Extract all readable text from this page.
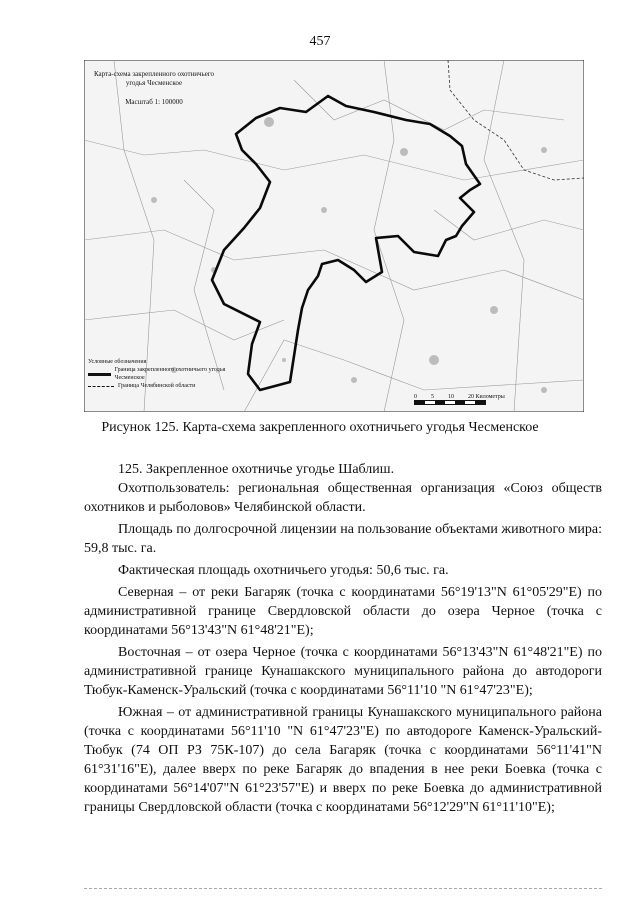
457
Карта-схема закрепленного охотничьего угодья Чесменское
Масштаб 1: 100000
Условные обозначения
Граница закрепленного охотничьего угодья Чесменское
Граница Челябинской области
0 5 10 20 Километры
Рисунок 125. Карта-схема закрепленного охотничьего угодья Чесменское

125. Закрепленное охотничье угодье Шаблиш.

Охотпользователь: региональная общественная организация «Союз обществ охотников и рыболовов» Челябинской области.

Площадь по долгосрочной лицензии на пользование объектами животного мира: 59,8 тыс. га.

Фактическая площадь охотничьего угодья: 50,6 тыс. га.

Северная – от реки Багаряк (точка с координатами 56°19'13"N 61°05'29"E) по административной границе Свердловской области до озера Черное (точка с координатами 56°13'43"N 61°48'21"E);

Восточная – от озера Черное (точка с координатами 56°13'43"N 61°48'21"E) по административной границе Кунашакского муниципального района до автодороги Тюбук-Каменск-Уральский (точка с координатами 56°11'10 "N 61°47'23"E);

Южная – от административной границы Кунашакского муниципального района (точка с координатами 56°11'10 "N 61°47'23"E) по автодороге Каменск-Уральский-Тюбук (74 ОП РЗ 75К-107) до села Багаряк (точка с координатами 56°11'41"N 61°31'16"E), далее вверх по реке Багаряк до впадения в нее реки Боевка (точка с координатами 56°14'07"N 61°23'57"E) и вверх по реке Боевка до административной границы Свердловской области (точка с координатами 56°12'29"N 61°11'10"E);
